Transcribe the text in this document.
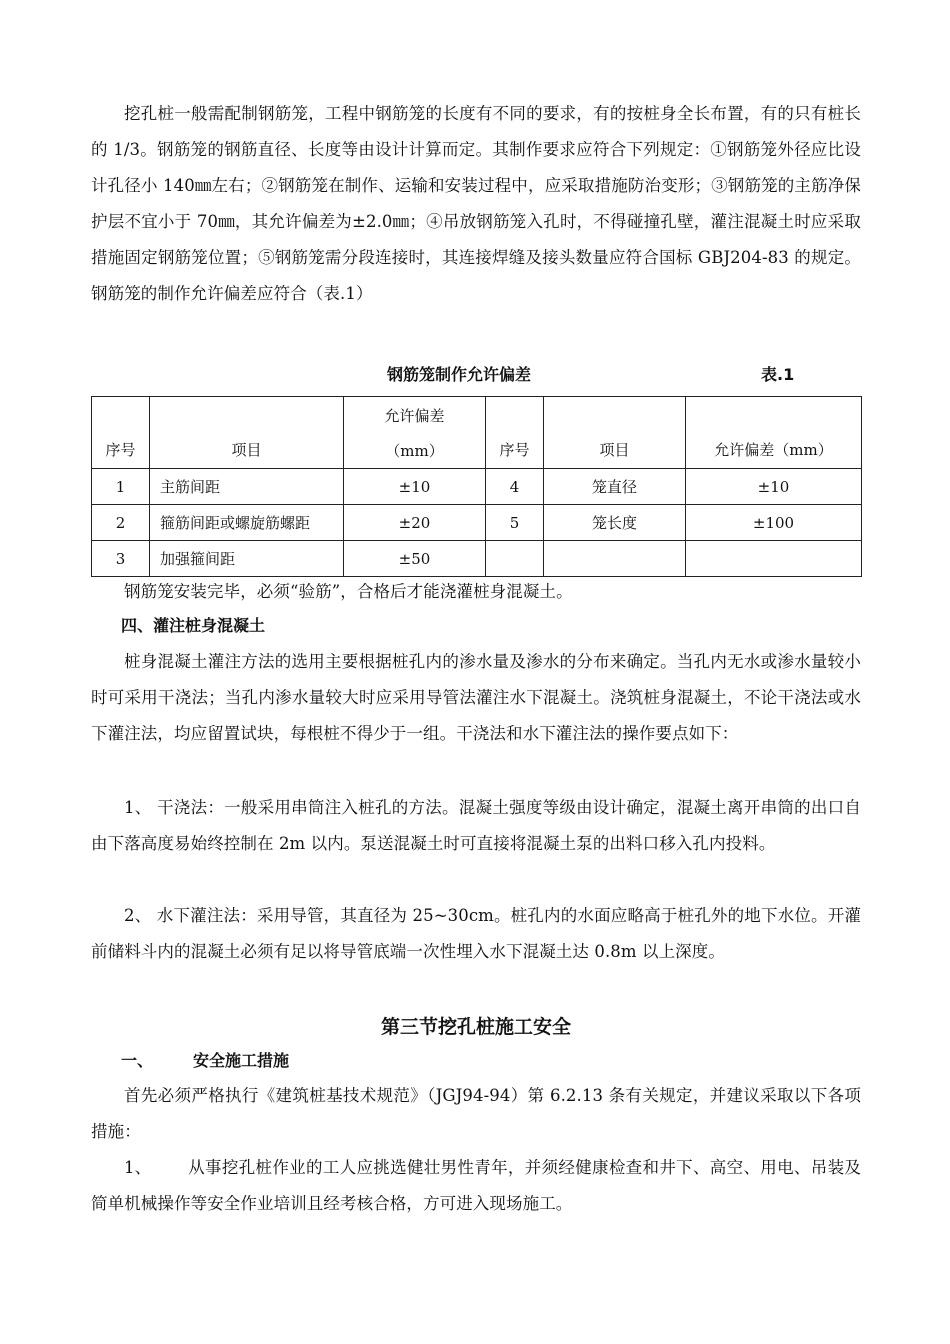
挖孔桩一般需配制钢筋笼，工程中钢筋笼的长度有不同的要求，有的按桩身全长布置，有的只有桩长的 1/3。钢筋笼的钢筋直径、长度等由设计计算而定。其制作要求应符合下列规定：①钢筋笼外径应比设计孔径小 140㎜左右；②钢筋笼在制作、运输和安装过程中，应采取措施防治变形；③钢筋笼的主筋净保护层不宜小于 70㎜，其允许偏差为±2.0㎜；④吊放钢筋笼入孔时，不得碰撞孔壁，灌注混凝土时应采取措施固定钢筋笼位置；⑤钢筋笼需分段连接时，其连接焊缝及接头数量应符合国标 GBJ204-83 的规定。钢筋笼的制作允许偏差应符合（表.1）

钢筋笼制作允许偏差	表.1
序号	项目	允许偏差
（mm）	序号	项目	允许偏差（mm）
1	主筋间距	±10	4	笼直径	±10
2	箍筋间距或螺旋筋螺距	±20	5	笼长度	±100
3	加强箍间距	±50			

钢筋笼安装完毕，必须“验筋”，合格后才能浇灌桩身混凝土。

四、灌注桩身混凝土

桩身混凝土灌注方法的选用主要根据桩孔内的渗水量及渗水的分布来确定。当孔内无水或渗水量较小时可采用干浇法；当孔内渗水量较大时应采用导管法灌注水下混凝土。浇筑桩身混凝土，不论干浇法或水下灌注法，均应留置试块，每根桩不得少于一组。干浇法和水下灌注法的操作要点如下：

1、 干浇法：一般采用串筒注入桩孔的方法。混凝土强度等级由设计确定，混凝土离开串筒的出口自由下落高度易始终控制在 2m 以内。泵送混凝土时可直接将混凝土泵的出料口移入孔内投料。

2、 水下灌注法：采用导管，其直径为 25~30cm。桩孔内的水面应略高于桩孔外的地下水位。开灌前储料斗内的混凝土必须有足以将导管底端一次性埋入水下混凝土达 0.8m 以上深度。

第三节挖孔桩施工安全
一、 安全施工措施

首先必须严格执行《建筑桩基技术规范》（JGJ94-94）第 6.2.13 条有关规定，并建议采取以下各项措施：

1、 从事挖孔桩作业的工人应挑选健壮男性青年，并须经健康检查和井下、高空、用电、吊装及简单机械操作等安全作业培训且经考核合格，方可进入现场施工。
